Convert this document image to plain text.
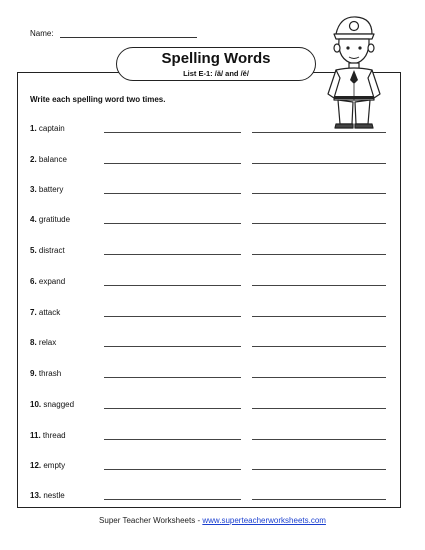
Name:
Spelling Words
List E-1: /ă/ and /ĕ/
Write each spelling word two times.
1. captain
2. balance
3. battery
4. gratitude
5. distract
6. expand
7. attack
8. relax
9. thrash
10. snagged
11. thread
12. empty
13. nestle
Super Teacher Worksheets - www.superteacherworksheets.com
